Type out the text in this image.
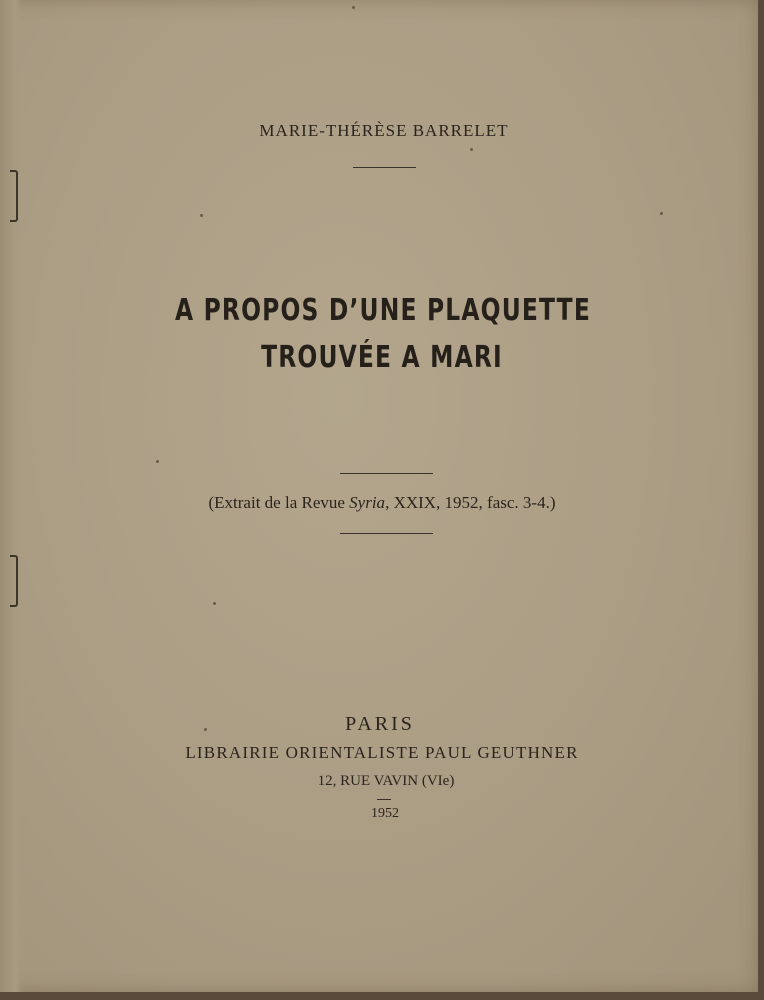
MARIE-THÉRÈSE BARRELET
A PROPOS D’UNE PLAQUETTE
TROUVÉE A MARI
(Extrait de la Revue Syria, XXIX, 1952, fasc. 3-4.)
PARIS
LIBRAIRIE ORIENTALISTE PAUL GEUTHNER
12, RUE VAVIN (VIe)
1952
